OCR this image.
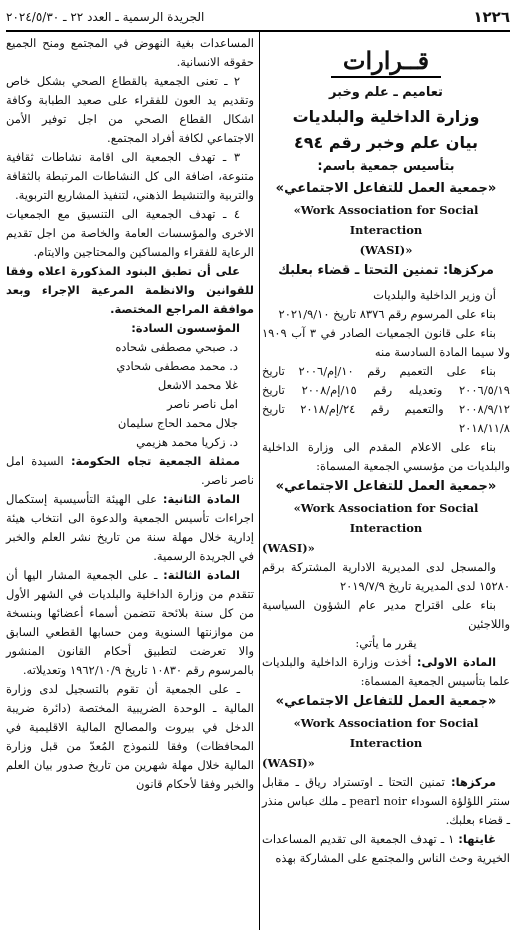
١٢٢٦
الجريدة الرسمية ـ العدد ٢٢ ـ ٢٠٢٤/٥/٣٠
قــرارات
تعاميم ـ علم وخبر
وزارة الداخلية والبلديات
بيان علم وخبر رقم ٤٩٤
بتأسيس جمعية باسم:
«جمعية العمل للتفاعل الاجتماعي»
«Work Association for Social Interaction
(WASI)»
مركزها: تمنين التحتا ـ قضاء بعلبك

أن وزير الداخلية والبلديات

بناء على المرسوم رقم ٨٣٧٦ تاريخ ٢٠٢١/٩/١٠

بناء على قانون الجمعيات الصادر في ٣ آب ١٩٠٩ ولا سيما المادة السادسة منه

بناء على التعميم رقم ١٠/إم/٢٠٠٦ تاريخ ٢٠٠٦/٥/١٩ وتعديله رقم ١٥/إم/٢٠٠٨ تاريخ ٢٠٠٨/٩/١٢ والتعميم رقم ٢٤/إم/٢٠١٨ تاريخ ٢٠١٨/١١/٨

بناء على الاعلام المقدم الى وزارة الداخلية والبلديات من مؤسسي الجمعية المسماة:

«جمعية العمل للتفاعل الاجتماعي»
«Work Association for Social Interaction
(WASI)»

والمسجل لدى المديرية الادارية المشتركة برقم ١٥٢٨٠ لدى المديرية تاريخ ٢٠١٩/٧/٩

بناء على اقتراح مدير عام الشؤون السياسية واللاجئين

يقرر ما يأتي:

المادة الاولى: أخذت وزارة الداخلية والبلديات علما بتأسيس الجمعية المسماة:

«جمعية العمل للتفاعل الاجتماعي»
«Work Association for Social Interaction
(WASI)»

مركزها: تمنين التحتا ـ اوتستراد رياق ـ مقابل سنتر اللؤلؤة السوداء pearl noir ـ ملك عباس منذر ـ قضاء بعلبك.

غايتها: ١ ـ تهدف الجمعية الى تقديم المساعدات الخيرية وحث الناس والمجتمع على المشاركة بهذه

المساعدات بغية النهوض في المجتمع ومنح الجميع حقوقه الانسانية.

٢ ـ تعنى الجمعية بالقطاع الصحي بشكل خاص وتقديم يد العون للفقراء على صعيد الطبابة وكافة اشكال القطاع الصحي من اجل توفير الأمن الاجتماعي لكافة أفراد المجتمع.

٣ ـ تهدف الجمعية الى اقامة نشاطات ثقافية متنوعة، اضافة الى كل النشاطات المرتبطة بالثقافة والتربية والتنشيط الذهني، لتنفيذ المشاريع التربوية.

٤ ـ تهدف الجمعية الى التنسيق مع الجمعيات الاخرى والمؤسسات العامة والخاصة من اجل تقديم الرعاية للفقراء والمساكين والمحتاجين والايتام.

على أن تطبق البنود المذكورة اعلاه وفقا للقوانين والانظمة المرعية الإجراء وبعد موافقة المراجع المختصة.

المؤسسون السادة:

د. صبحي مصطفى شحاده

د. محمد مصطفى شحادي

غلا محمد الاشعل

امل ناصر ناصر

جلال محمد الحاج سليمان

د. زكريا محمد هزيمي

ممثلة الجمعية تجاه الحكومة: السيدة امل ناصر ناصر.

المادة الثانية: على الهيئة التأسيسية إستكمال اجراءات تأسيس الجمعية والدعوة الى انتخاب هيئة إدارية خلال مهلة سنة من تاريخ نشر العلم والخبر في الجريدة الرسمية.

المادة الثالثة: ـ على الجمعية المشار اليها أن تتقدم من وزارة الداخلية والبلديات في الشهر الأول من كل سنة بلائحة تتضمن أسماء أعضائها وبنسخة من موازنتها السنوية ومن حسابها القطعي السابق والا تعرضت لتطبيق أحكام القانون المنشور بالمرسوم رقم ١٠٨٣٠ تاريخ ١٩٦٢/١٠/٩ وتعديلاته.

ـ على الجمعية أن تقوم بالتسجيل لدى وزارة المالية ـ الوحدة الضريبية المختصة (دائرة ضريبة الدخل في بيروت والمصالح المالية الاقليمية في المحافظات) وفقا للنموذج المُعدّ من قبل وزارة المالية خلال مهلة شهرين من تاريخ صدور بيان العلم والخبر وفقا لأحكام قانون
